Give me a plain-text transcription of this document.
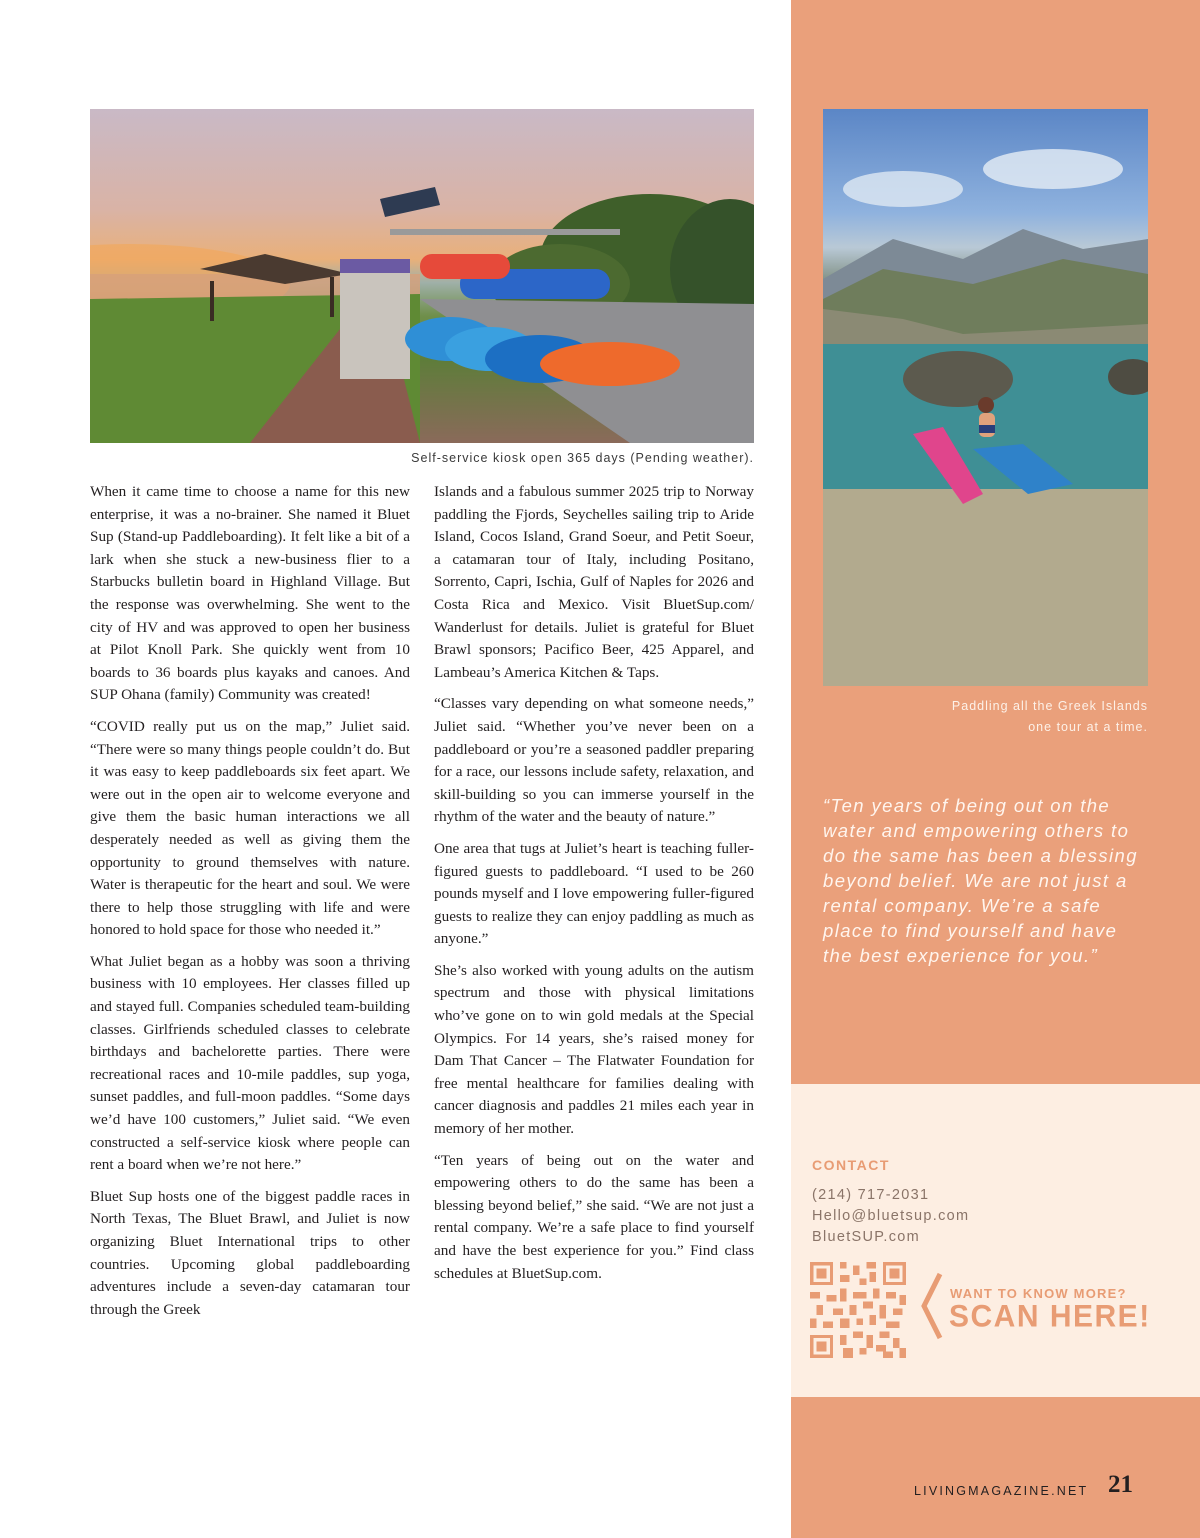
Self-service kiosk open 365 days (Pending weather).

When it came time to choose a name for this new enterprise, it was a no-brainer. She named it Bluet Sup (Stand-up Paddleboarding). It felt like a bit of a lark when she stuck a new-business flier to a Starbucks bulletin board in Highland Village. But the response was overwhelming. She went to the city of HV and was approved to open her business at Pilot Knoll Park. She quickly went from 10 boards to 36 boards plus kayaks and canoes. And SUP Ohana (family) Community was created!

“COVID really put us on the map,” Juliet said. “There were so many things people couldn’t do. But it was easy to keep paddleboards six feet apart. We were out in the open air to welcome everyone and give them the basic human interactions we all desperately needed as well as giving them the opportunity to ground themselves with nature. Water is therapeutic for the heart and soul. We were there to help those struggling with life and were honored to hold space for those who needed it.”

What Juliet began as a hobby was soon a thriving business with 10 employees. Her classes filled up and stayed full. Companies scheduled team-building classes. Girlfriends scheduled classes to celebrate birthdays and bachelorette parties. There were recreational races and 10-mile paddles, sup yoga, sunset paddles, and full-moon paddles. “Some days we’d have 100 customers,” Juliet said. “We even constructed a self-service kiosk where people can rent a board when we’re not here.”

Bluet Sup hosts one of the biggest paddle races in North Texas, The Bluet Brawl, and Juliet is now organizing Bluet International trips to other countries. Upcoming global paddleboarding adventures include a seven-day catamaran tour through the Greek

Islands and a fabulous summer 2025 trip to Norway paddling the Fjords, Seychelles sailing trip to Aride Island, Cocos Island, Grand Soeur, and Petit Soeur, a catamaran tour of Italy, including Positano, Sorrento, Capri, Ischia, Gulf of Naples for 2026 and Costa Rica and Mexico. Visit BluetSup.com/ Wanderlust for details. Juliet is grateful for Bluet Brawl sponsors; Pacifico Beer, 425 Apparel, and Lambeau’s America Kitchen & Taps.

“Classes vary depending on what someone needs,” Juliet said. “Whether you’ve never been on a paddleboard or you’re a seasoned paddler preparing for a race, our lessons include safety, relaxation, and skill-building so you can immerse yourself in the rhythm of the water and the beauty of nature.”

One area that tugs at Juliet’s heart is teaching fuller-figured guests to paddleboard. “I used to be 260 pounds myself and I love empowering fuller-figured guests to realize they can enjoy paddling as much as anyone.”

She’s also worked with young adults on the autism spectrum and those with physical limitations who’ve gone on to win gold medals at the Special Olympics. For 14 years, she’s raised money for Dam That Cancer – The Flatwater Foundation for free mental healthcare for families dealing with cancer diagnosis and paddles 21 miles each year in memory of her mother.

“Ten years of being out on the water and empowering others to do the same has been a blessing beyond belief,” she said. “We are not just a rental company. We’re a safe place to find yourself and have the best experience for you.” Find class schedules at BluetSup.com.

Paddling all the Greek Islands
one tour at a time.
“Ten years of being out on the water and empowering others to do the same has been a blessing beyond belief. We are not just a rental company. We’re a safe place to find yourself and have the best experience for you.”
CONTACT
(214) 717-2031
Hello@bluetsup.com
BluetSUP.com
WANT TO KNOW MORE?
SCAN HERE!
LIVINGMAGAZINE.NET 21
